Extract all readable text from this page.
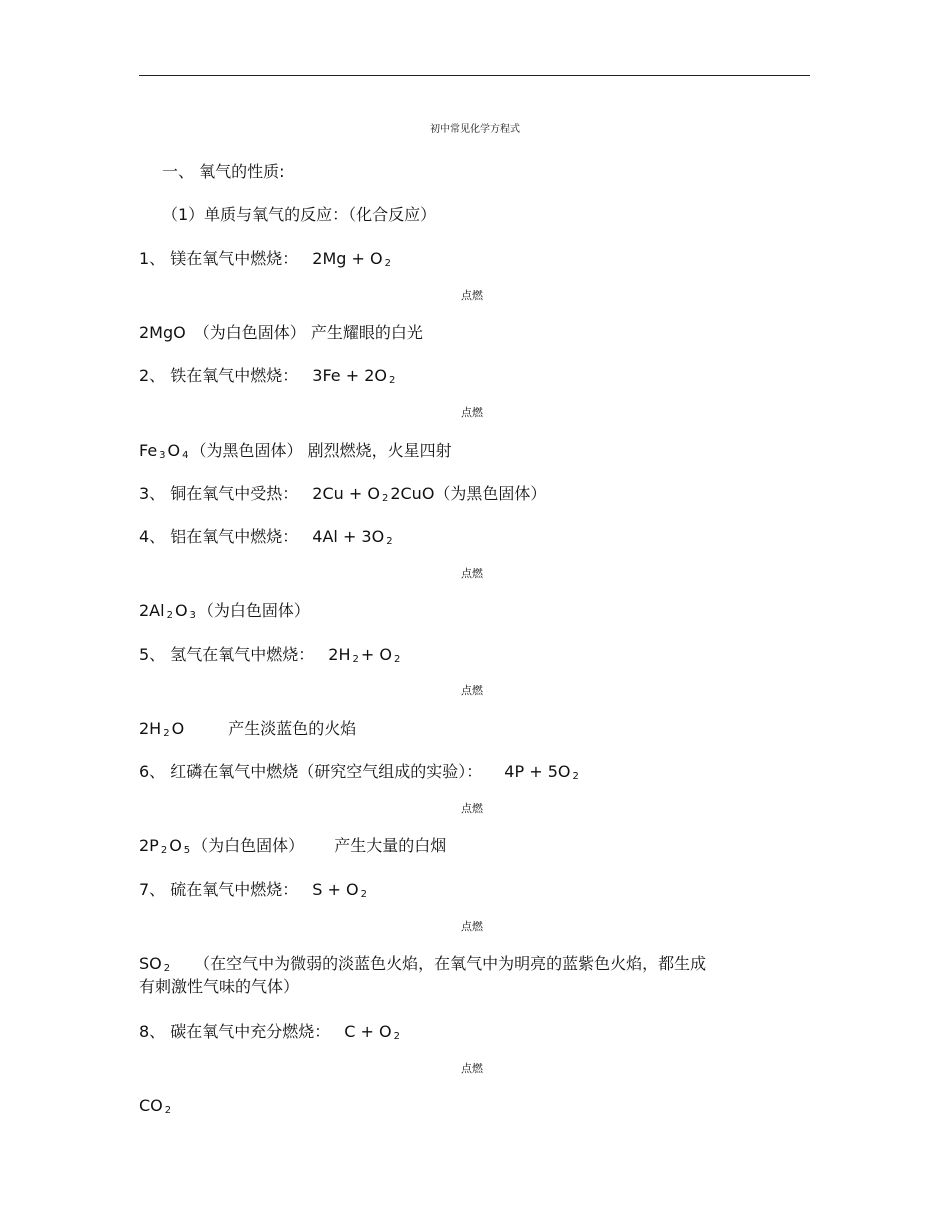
初中常见化学方程式
一、 氧气的性质:
（1）单质与氧气的反应：（化合反应）
1、 镁在氧气中燃烧： 2Mg + O 2
点燃
2MgO （为白色固体） 产生耀眼的白光
2、 铁在氧气中燃烧： 3Fe + 2O 2
点燃
Fe 3 O 4 （为黑色固体） 剧烈燃烧，火星四射
3、 铜在氧气中受热： 2Cu + O 2 2CuO（为黑色固体）
4、 铝在氧气中燃烧： 4Al + 3O 2
点燃
2Al 2 O 3 （为白色固体）
5、 氢气在氧气中燃烧： 2H 2 + O 2
点燃
2H 2 O	产生淡蓝色的火焰
6、 红磷在氧气中燃烧（研究空气组成的实验）： 4P + 5O 2
点燃
2P 2 O 5 （为白色固体） 产生大量的白烟
7、 硫在氧气中燃烧： S + O 2
点燃
SO 2 （在空气中为微弱的淡蓝色火焰，在氧气中为明亮的蓝紫色火焰，都生成
有刺激性气味的气体）
8、 碳在氧气中充分燃烧： C + O 2
点燃
CO 2
